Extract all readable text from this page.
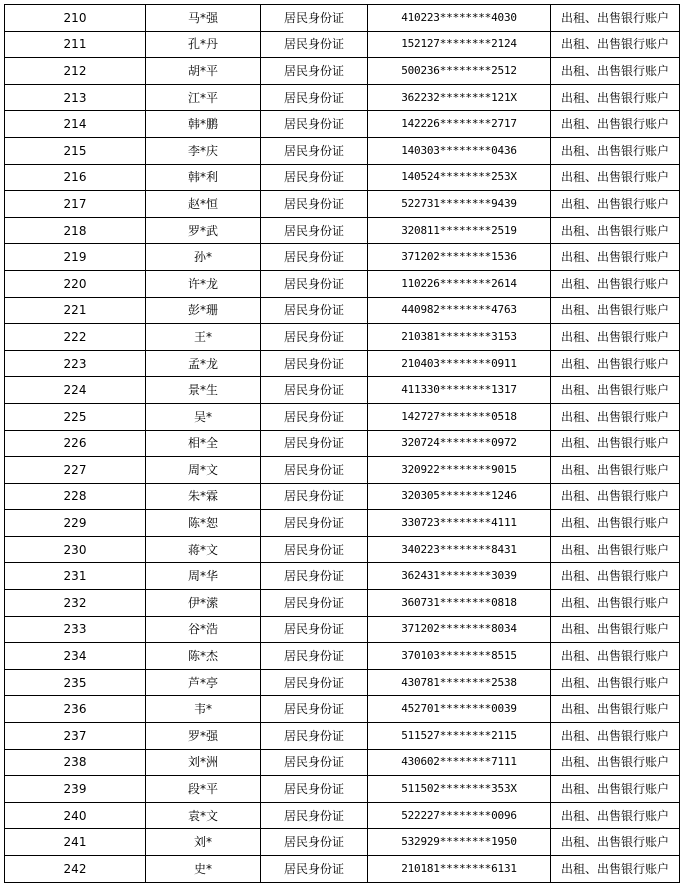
210	马*强	居民身份证	410223********4030	出租、出售银行账户
211	孔*丹	居民身份证	152127********2124	出租、出售银行账户
212	胡*平	居民身份证	500236********2512	出租、出售银行账户
213	江*平	居民身份证	362232********121X	出租、出售银行账户
214	韩*鹏	居民身份证	142226********2717	出租、出售银行账户
215	李*庆	居民身份证	140303********0436	出租、出售银行账户
216	韩*利	居民身份证	140524********253X	出租、出售银行账户
217	赵*恒	居民身份证	522731********9439	出租、出售银行账户
218	罗*武	居民身份证	320811********2519	出租、出售银行账户
219	孙*	居民身份证	371202********1536	出租、出售银行账户
220	许*龙	居民身份证	110226********2614	出租、出售银行账户
221	彭*珊	居民身份证	440982********4763	出租、出售银行账户
222	王*	居民身份证	210381********3153	出租、出售银行账户
223	孟*龙	居民身份证	210403********0911	出租、出售银行账户
224	景*生	居民身份证	411330********1317	出租、出售银行账户
225	吴*	居民身份证	142727********0518	出租、出售银行账户
226	相*全	居民身份证	320724********0972	出租、出售银行账户
227	周*文	居民身份证	320922********9015	出租、出售银行账户
228	朱*霖	居民身份证	320305********1246	出租、出售银行账户
229	陈*恕	居民身份证	330723********4111	出租、出售银行账户
230	蒋*文	居民身份证	340223********8431	出租、出售银行账户
231	周*华	居民身份证	362431********3039	出租、出售银行账户
232	伊*潆	居民身份证	360731********0818	出租、出售银行账户
233	谷*浩	居民身份证	371202********8034	出租、出售银行账户
234	陈*杰	居民身份证	370103********8515	出租、出售银行账户
235	芦*亭	居民身份证	430781********2538	出租、出售银行账户
236	韦*	居民身份证	452701********0039	出租、出售银行账户
237	罗*强	居民身份证	511527********2115	出租、出售银行账户
238	刘*洲	居民身份证	430602********7111	出租、出售银行账户
239	段*平	居民身份证	511502********353X	出租、出售银行账户
240	袁*文	居民身份证	522227********0096	出租、出售银行账户
241	刘*	居民身份证	532929********1950	出租、出售银行账户
242	史*	居民身份证	210181********6131	出租、出售银行账户
